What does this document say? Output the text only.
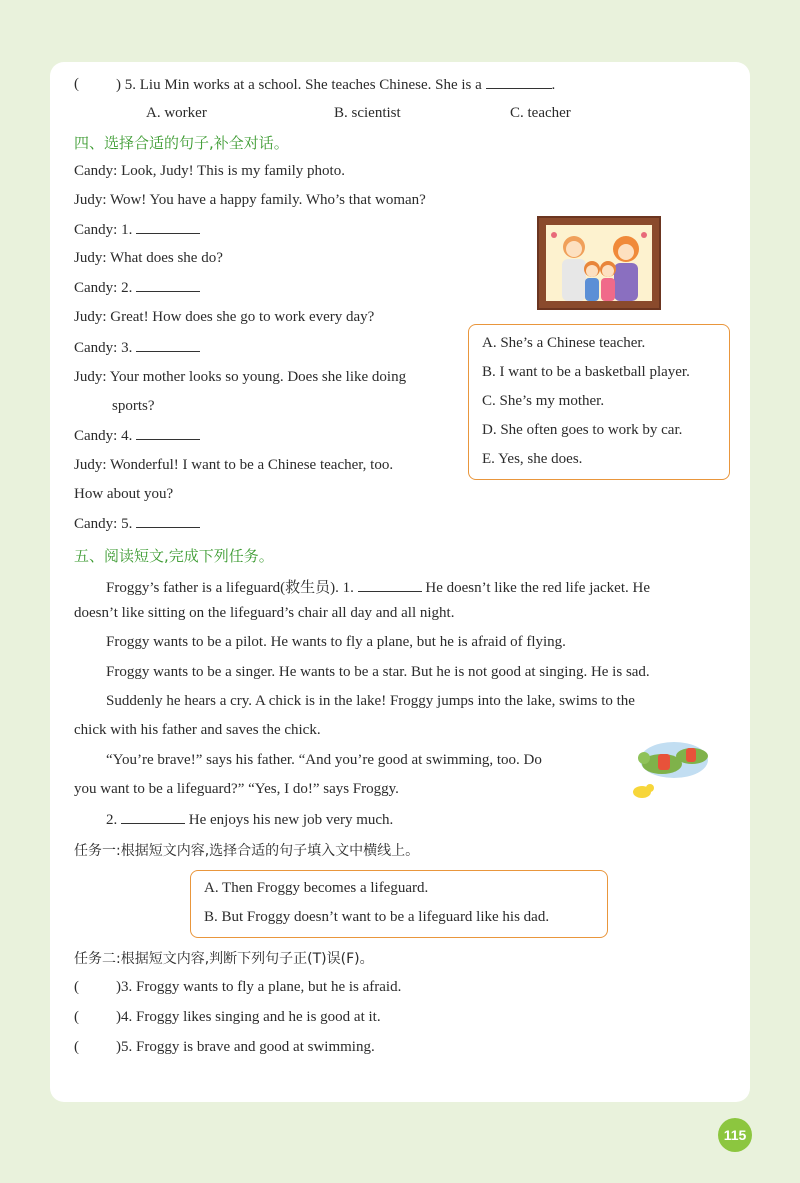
( ) 5. Liu Min works at a school. She teaches Chinese. She is a	.
A. worker	B. scientist	C. teacher
四、选择合适的句子,补全对话。
Candy: Look, Judy! This is my family photo.
Judy: Wow! You have a happy family. Who’s that woman?
Candy: 1.
Judy: What does she do?
Candy: 2.
Judy: Great! How does she go to work every day?
Candy: 3.
Judy: Your mother looks so young. Does she like doing
sports?
Candy: 4.
Judy: Wonderful! I want to be a Chinese teacher, too.
How about you?
Candy: 5.
A. She’s a Chinese teacher.
B. I want to be a basketball player.
C. She’s my mother.
D. She often goes to work by car.
E. Yes, she does.
五、阅读短文,完成下列任务。
Froggy’s father is a lifeguard(救生员). 1.	He doesn’t like the red life jacket. He
doesn’t like sitting on the lifeguard’s chair all day and all night.
Froggy wants to be a pilot. He wants to fly a plane, but he is afraid of flying.
Froggy wants to be a singer. He wants to be a star. But he is not good at singing. He is sad.
Suddenly he hears a cry. A chick is in the lake! Froggy jumps into the lake, swims to the
chick with his father and saves the chick.
“You’re brave!” says his father. “And you’re good at swimming, too. Do
you want to be a lifeguard?” “Yes, I do!” says Froggy.
2.	He enjoys his new job very much.
任务一:根据短文内容,选择合适的句子填入文中横线上。
A. Then Froggy becomes a lifeguard.
B. But Froggy doesn’t want to be a lifeguard like his dad.
任务二:根据短文内容,判断下列句子正(T)误(F)。
( )3. Froggy wants to fly a plane, but he is afraid.
( )4. Froggy likes singing and he is good at it.
( )5. Froggy is brave and good at swimming.
115
